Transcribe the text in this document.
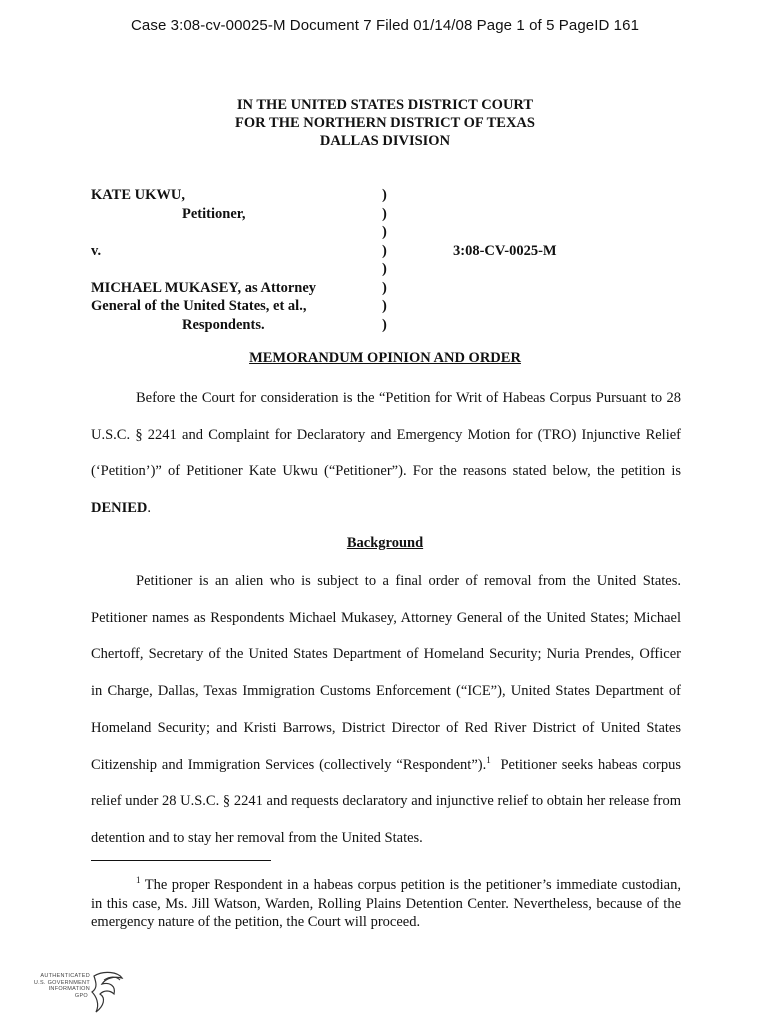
Case 3:08-cv-00025-M Document 7 Filed 01/14/08 Page 1 of 5 PageID 161
IN THE UNITED STATES DISTRICT COURT
FOR THE NORTHERN DISTRICT OF TEXAS
DALLAS DIVISION
KATE UKWU,	)
Petitioner,	)
)
v.	)	3:08-CV-0025-M
)
MICHAEL MUKASEY, as Attorney	)
General of the United States, et al.,	)
Respondents.	)
MEMORANDUM OPINION AND ORDER
Before the Court for consideration is the “Petition for Writ of Habeas Corpus Pursuant to 28
U.S.C. § 2241 and Complaint for Declaratory and Emergency Motion for (TRO) Injunctive Relief
(‘Petition’)” of Petitioner Kate Ukwu (“Petitioner”). For the reasons stated below, the petition is
DENIED.
Background
Petitioner is an alien who is subject to a final order of removal from the United States.
Petitioner names as Respondents Michael Mukasey, Attorney General of the United States; Michael
Chertoff, Secretary of the United States Department of Homeland Security; Nuria Prendes, Officer
in Charge, Dallas, Texas Immigration Customs Enforcement (“ICE”), United States Department of
Homeland Security; and Kristi Barrows, District Director of Red River District of United States
Citizenship and Immigration Services (collectively “Respondent”).$^1$  Petitioner seeks habeas corpus
relief under 28 U.S.C. § 2241 and requests declaratory and injunctive relief to obtain her release from
detention and to stay her removal from the United States.
$^1$ The proper Respondent in a habeas corpus petition is the petitioner’s immediate custodian, in this case, Ms. Jill Watson, Warden, Rolling Plains Detention Center. Nevertheless, because of the emergency nature of the petition, the Court will proceed.
AUTHENTICATED
U.S. GOVERNMENT
INFORMATION
GPO
